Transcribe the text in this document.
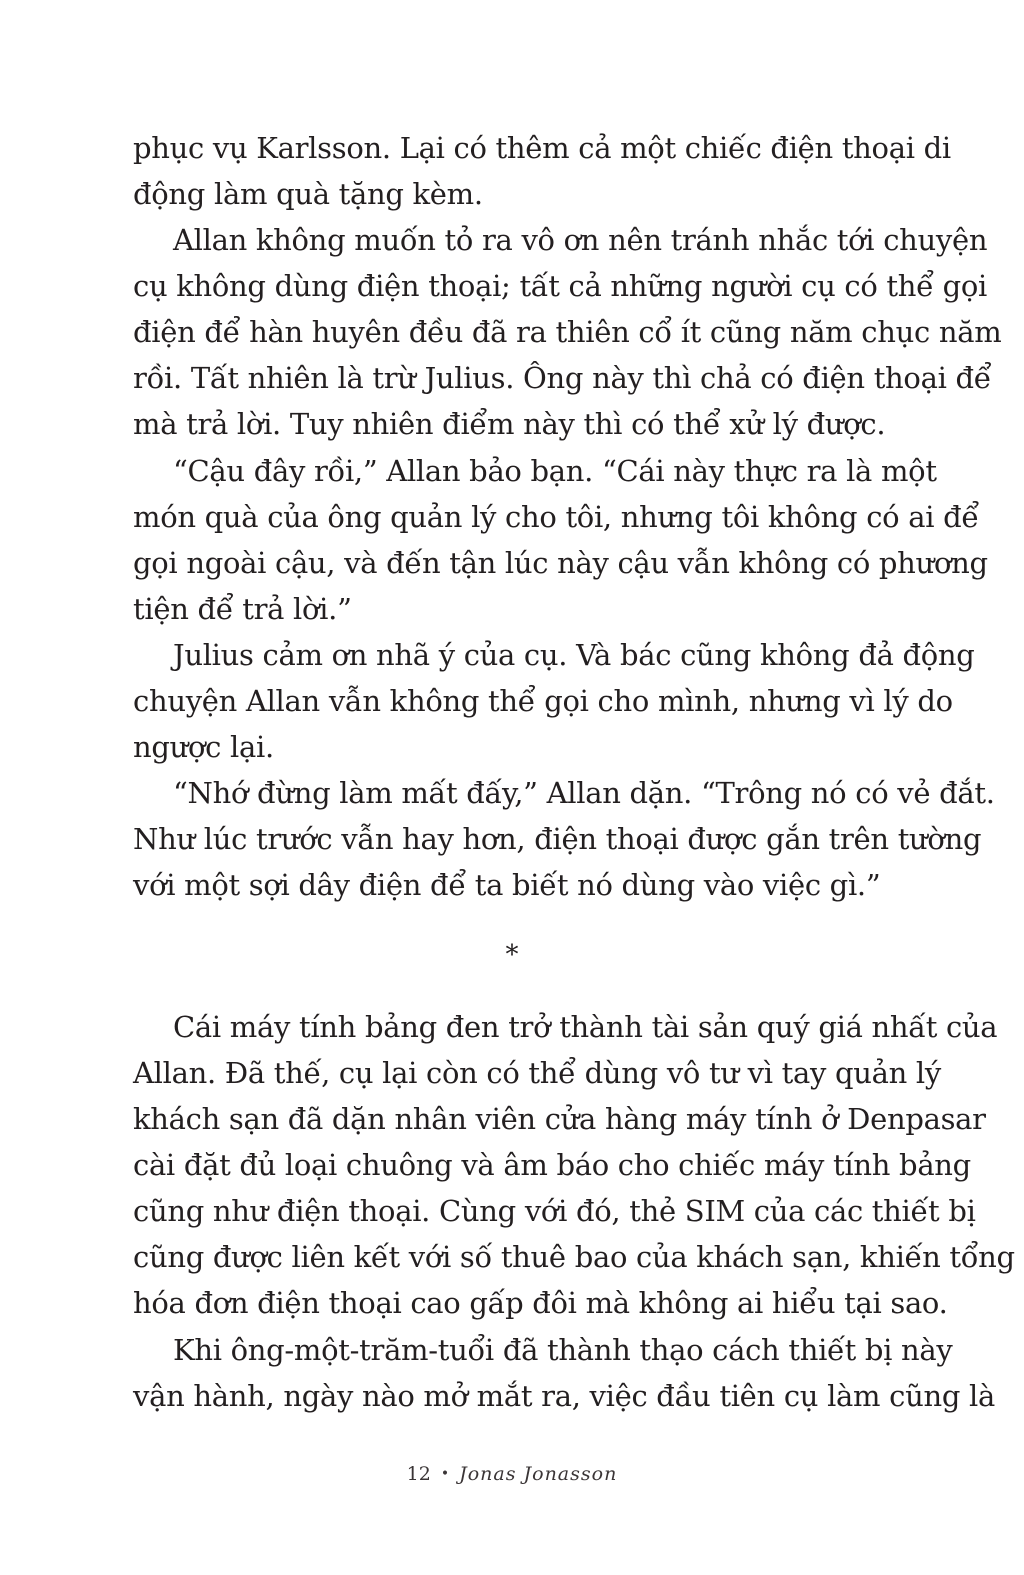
phục vụ Karlsson. Lại có thêm cả một chiếc điện thoại di
động làm quà tặng kèm.
Allan không muốn tỏ ra vô ơn nên tránh nhắc tới chuyện
cụ không dùng điện thoại; tất cả những người cụ có thể gọi
điện để hàn huyên đều đã ra thiên cổ ít cũng năm chục năm
rồi. Tất nhiên là trừ Julius. Ông này thì chả có điện thoại để
mà trả lời. Tuy nhiên điểm này thì có thể xử lý được.
“Cậu đây rồi,” Allan bảo bạn. “Cái này thực ra là một
món quà của ông quản lý cho tôi, nhưng tôi không có ai để
gọi ngoài cậu, và đến tận lúc này cậu vẫn không có phương
tiện để trả lời.”
Julius cảm ơn nhã ý của cụ. Và bác cũng không đả động
chuyện Allan vẫn không thể gọi cho mình, nhưng vì lý do
ngược lại.
“Nhớ đừng làm mất đấy,” Allan dặn. “Trông nó có vẻ đắt.
Như lúc trước vẫn hay hơn, điện thoại được gắn trên tường
với một sợi dây điện để ta biết nó dùng vào việc gì.”
*
Cái máy tính bảng đen trở thành tài sản quý giá nhất của
Allan. Đã thế, cụ lại còn có thể dùng vô tư vì tay quản lý
khách sạn đã dặn nhân viên cửa hàng máy tính ở Denpasar
cài đặt đủ loại chuông và âm báo cho chiếc máy tính bảng
cũng như điện thoại. Cùng với đó, thẻ SIM của các thiết bị
cũng được liên kết với số thuê bao của khách sạn, khiến tổng
hóa đơn điện thoại cao gấp đôi mà không ai hiểu tại sao.
Khi ông-một-trăm-tuổi đã thành thạo cách thiết bị này
vận hành, ngày nào mở mắt ra, việc đầu tiên cụ làm cũng là
12 • Jonas Jonasson
